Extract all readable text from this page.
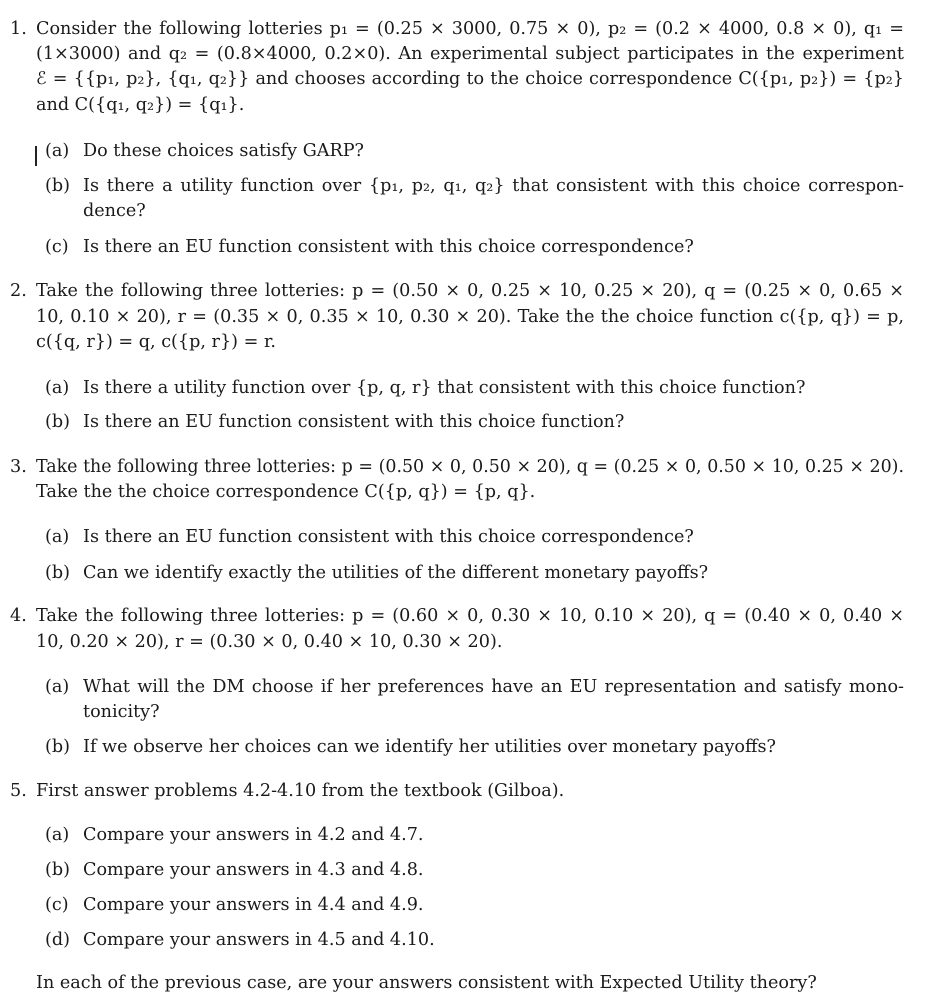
1. Consider the following lotteries p₁ = (0.25 × 3000, 0.75 × 0), p₂ = (0.2 × 4000, 0.8 × 0), q₁ =
(1×3000) and q₂ = (0.8×4000, 0.2×0). An experimental subject participates in the experiment
ℰ = {{p₁, p₂}, {q₁, q₂}} and chooses according to the choice correspondence C({p₁, p₂}) = {p₂}
and C({q₁, q₂}) = {q₁}.
(a) Do these choices satisfy GARP?
(b) Is there a utility function over {p₁, p₂, q₁, q₂} that consistent with this choice correspon-
dence?
(c) Is there an EU function consistent with this choice correspondence?
2. Take the following three lotteries: p = (0.50 × 0, 0.25 × 10, 0.25 × 20), q = (0.25 × 0, 0.65 ×
10, 0.10 × 20), r = (0.35 × 0, 0.35 × 10, 0.30 × 20). Take the the choice function c({p, q}) = p,
c({q, r}) = q, c({p, r}) = r.
(a) Is there a utility function over {p, q, r} that consistent with this choice function?
(b) Is there an EU function consistent with this choice function?
3. Take the following three lotteries: p = (0.50 × 0, 0.50 × 20), q = (0.25 × 0, 0.50 × 10, 0.25 × 20).
Take the the choice correspondence C({p, q}) = {p, q}.
(a) Is there an EU function consistent with this choice correspondence?
(b) Can we identify exactly the utilities of the different monetary payoffs?
4. Take the following three lotteries: p = (0.60 × 0, 0.30 × 10, 0.10 × 20), q = (0.40 × 0, 0.40 ×
10, 0.20 × 20), r = (0.30 × 0, 0.40 × 10, 0.30 × 20).
(a) What will the DM choose if her preferences have an EU representation and satisfy mono-
tonicity?
(b) If we observe her choices can we identify her utilities over monetary payoffs?
5. First answer problems 4.2-4.10 from the textbook (Gilboa).
(a) Compare your answers in 4.2 and 4.7.
(b) Compare your answers in 4.3 and 4.8.
(c) Compare your answers in 4.4 and 4.9.
(d) Compare your answers in 4.5 and 4.10.
In each of the previous case, are your answers consistent with Expected Utility theory?
